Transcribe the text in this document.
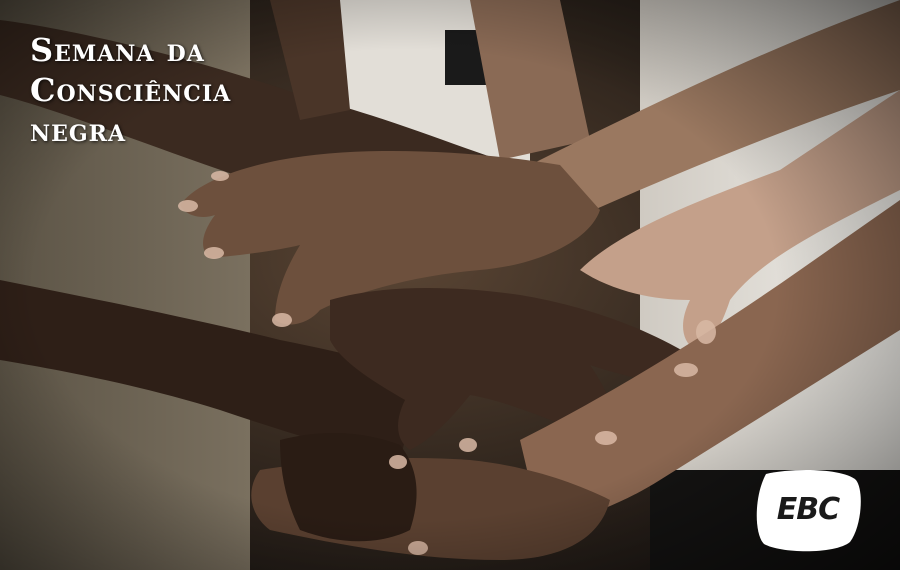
Semana da
Consciência
negra
EBC
